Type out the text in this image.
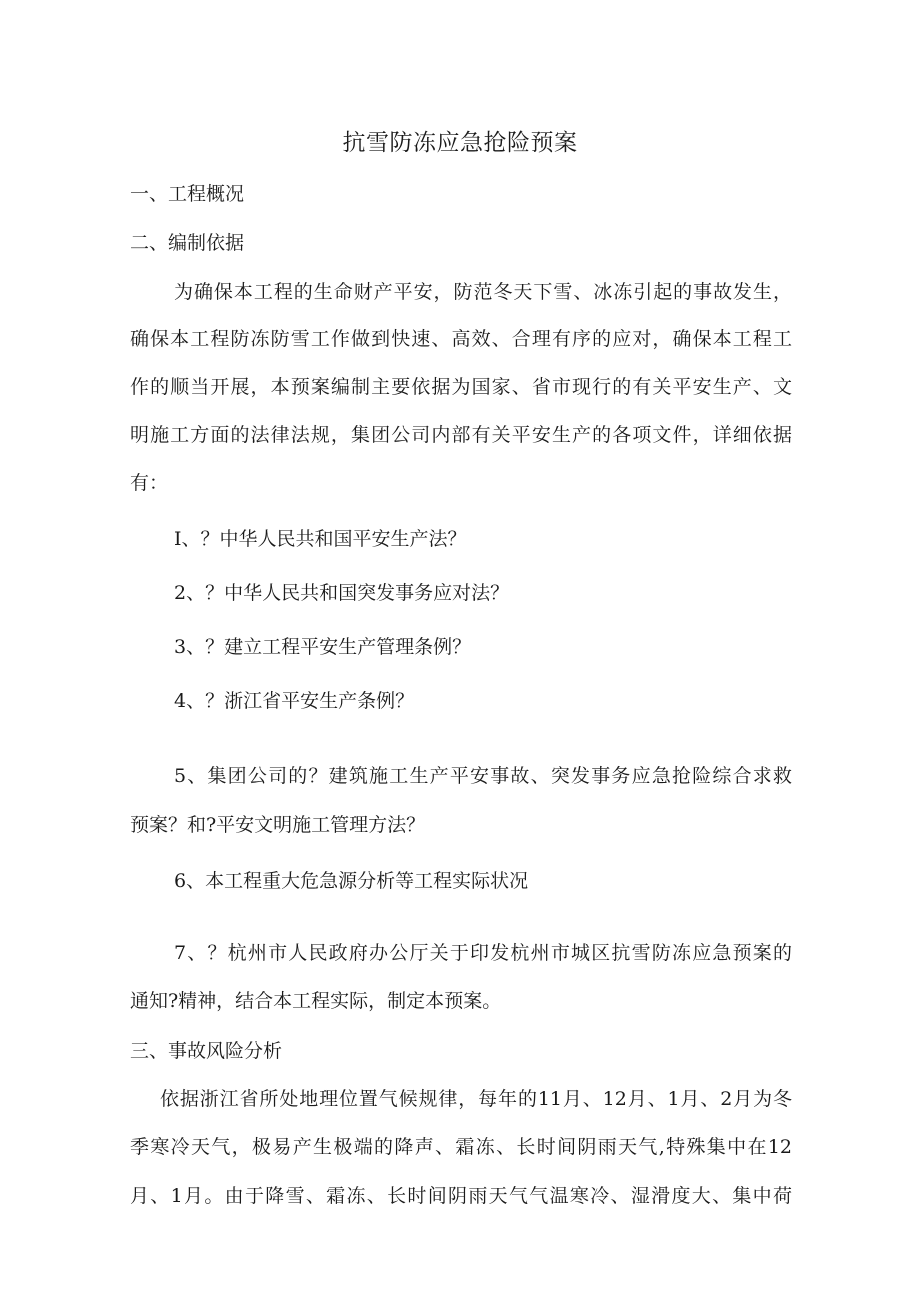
抗雪防冻应急抢险预案
一、工程概况
二、编制依据
为确保本工程的生命财产平安，防范冬天下雪、冰冻引起的事故发生，
确保本工程防冻防雪工作做到快速、高效、合理有序的应对，确保本工程工
作的顺当开展，本预案编制主要依据为国家、省市现行的有关平安生产、文
明施工方面的法律法规，集团公司内部有关平安生产的各项文件，详细依据
有：
I、？中华人民共和国平安生产法？
2、？中华人民共和国突发事务应对法？
3、？建立工程平安生产管理条例？
4、？浙江省平安生产条例？
5、集团公司的？建筑施工生产平安事故、突发事务应急抢险综合求救
预案？和?平安文明施工管理方法？
6、本工程重大危急源分析等工程实际状况
7、？杭州市人民政府办公厅关于印发杭州市城区抗雪防冻应急预案的
通知?精神，结合本工程实际，制定本预案。
三、事故风险分析
依据浙江省所处地理位置气候规律，每年的11月、12月、1月、2月为冬
季寒冷天气，极易产生极端的降声、霜冻、长时间阴雨天气,特殊集中在12
月、1月。由于降雪、霜冻、长时间阴雨天气气温寒冷、湿滑度大、集中荷
